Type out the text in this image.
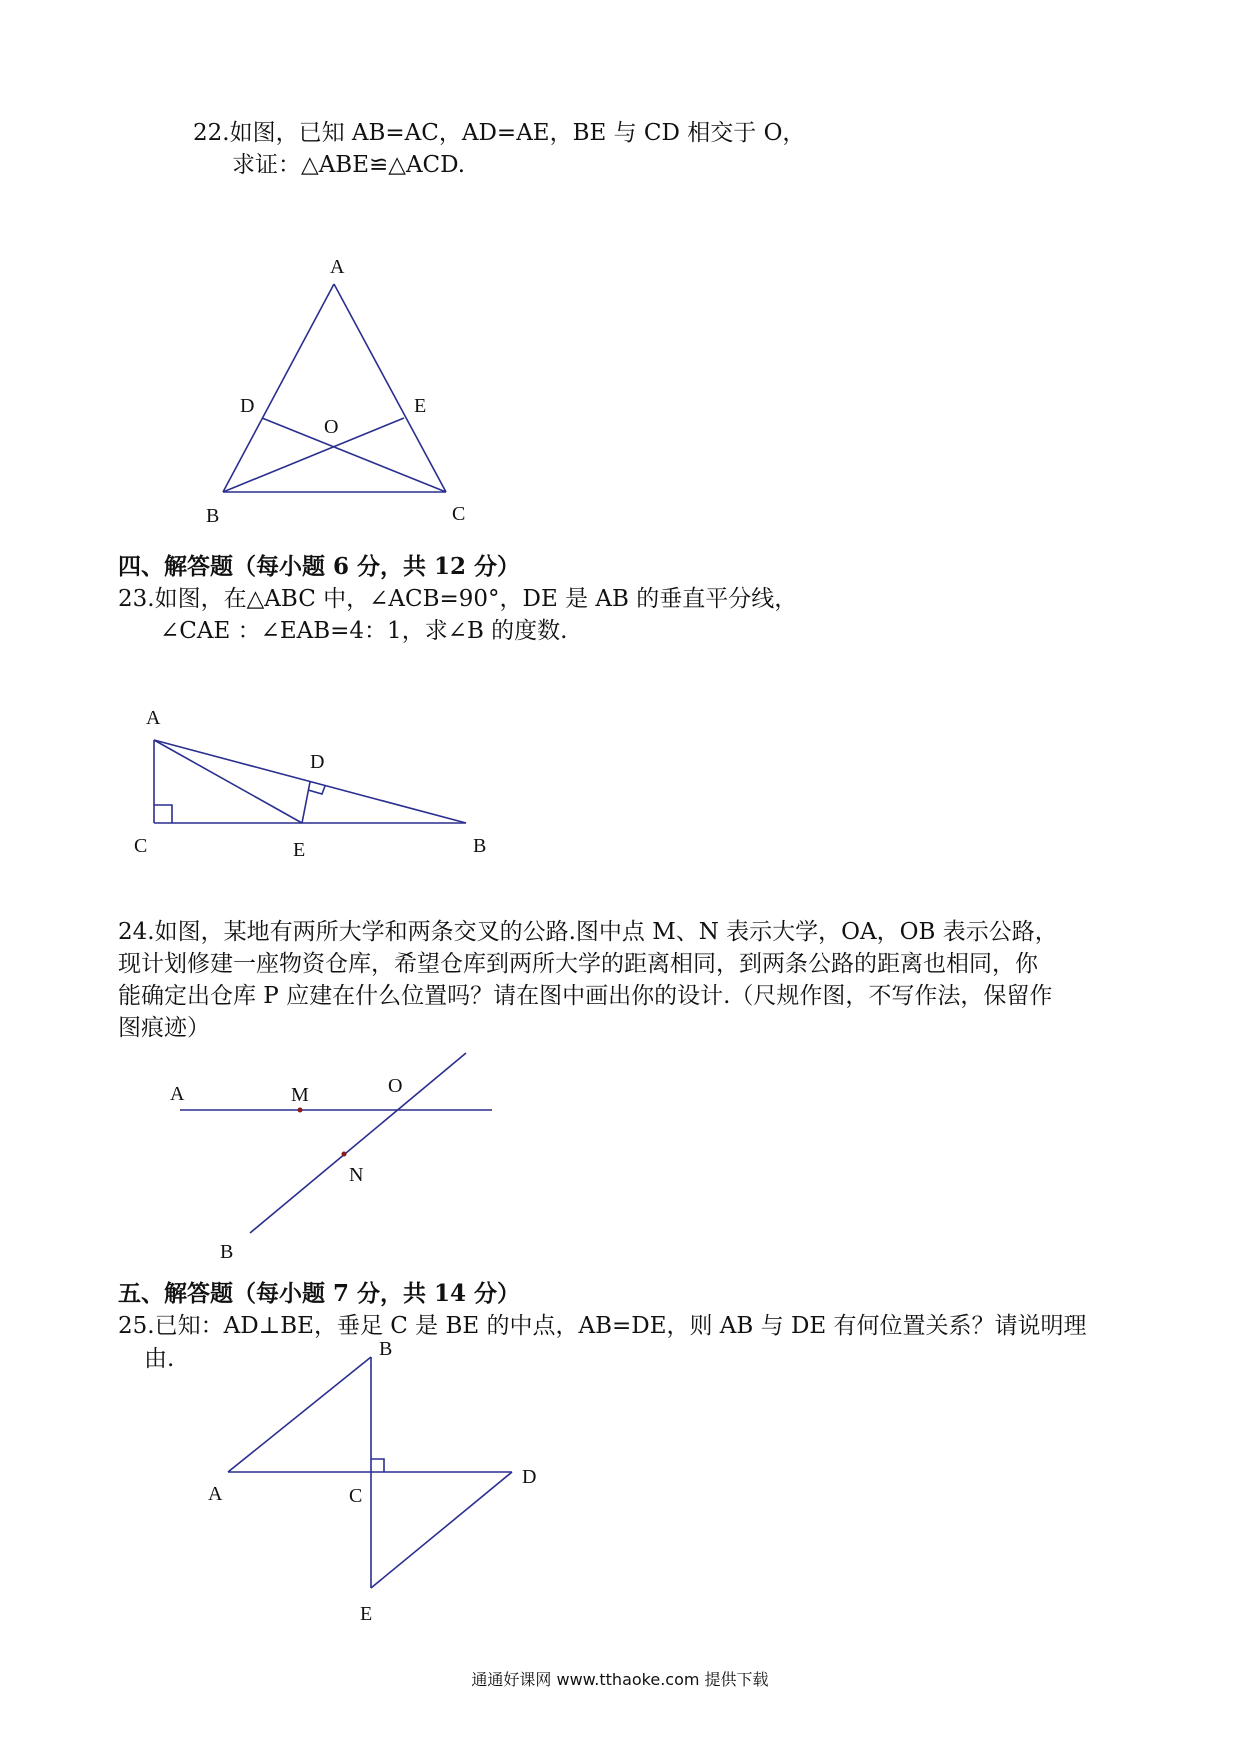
22.如图，已知 AB=AC，AD=AE，BE 与 CD 相交于 O，
求证：△ABE≌△ACD.
A
D	E
O
B	C
四、解答题（每小题 6 分，共 12 分）
23.如图，在△ABC 中，∠ACB=90°，DE 是 AB 的垂直平分线，
∠CAE ：∠EAB=4：1，求∠B 的度数.
A
D
C	E	B
24.如图，某地有两所大学和两条交叉的公路.图中点 M、N 表示大学，OA，OB 表示公路，
现计划修建一座物资仓库，希望仓库到两所大学的距离相同，到两条公路的距离也相同，你
能确定出仓库 P 应建在什么位置吗？请在图中画出你的设计.（尺规作图，不写作法，保留作
图痕迹）
A	M	O
N
B
五、解答题（每小题 7 分，共 14 分）
25.已知：AD⊥BE，垂足 C 是 BE 的中点，AB=DE，则 AB 与 DE 有何位置关系？请说明理
由.	B
A	C
D
E
通通好课网 www.tthaoke.com 提供下载
